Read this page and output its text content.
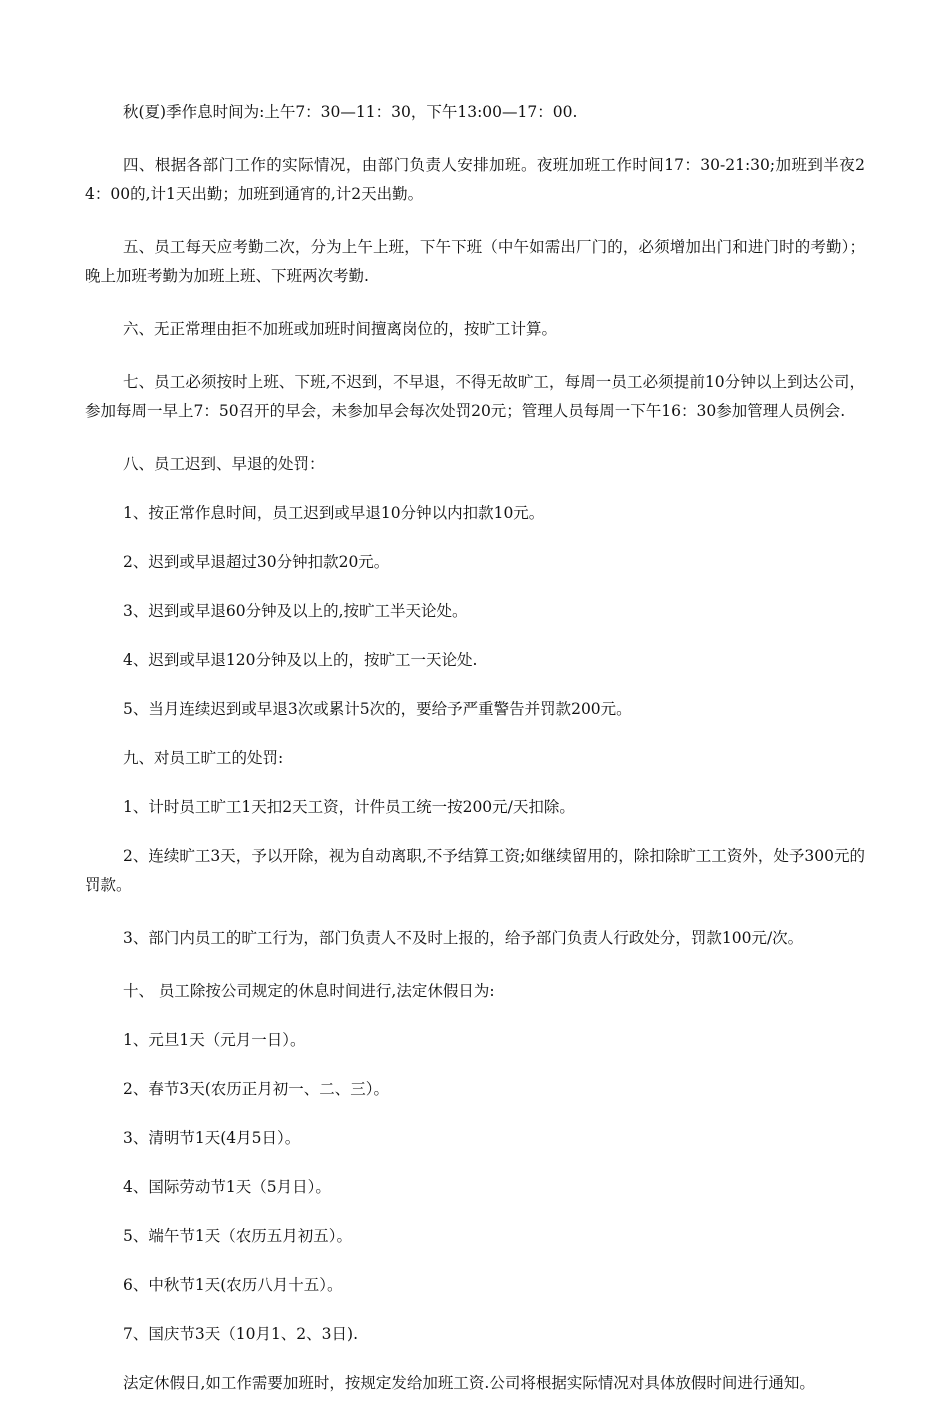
秋(夏)季作息时间为:上午7：30—11：30，下午13:00—17：00.

四、根据各部门工作的实际情况，由部门负责人安排加班。夜班加班工作时间17：30-21:30;加班到半夜24：00的,计1天出勤；加班到通宵的,计2天出勤。

五、员工每天应考勤二次，分为上午上班，下午下班（中午如需出厂门的，必须增加出门和进门时的考勤）；晚上加班考勤为加班上班、下班两次考勤.

六、无正常理由拒不加班或加班时间擅离岗位的，按旷工计算。

七、员工必须按时上班、下班,不迟到，不早退，不得无故旷工，每周一员工必须提前10分钟以上到达公司，参加每周一早上7：50召开的早会，未参加早会每次处罚20元；管理人员每周一下午16：30参加管理人员例会.

八、员工迟到、早退的处罚：

1、按正常作息时间，员工迟到或早退10分钟以内扣款10元。

2、迟到或早退超过30分钟扣款20元。

3、迟到或早退60分钟及以上的,按旷工半天论处。

4、迟到或早退120分钟及以上的，按旷工一天论处.

5、当月连续迟到或早退3次或累计5次的，要给予严重警告并罚款200元。

九、对员工旷工的处罚:

1、计时员工旷工1天扣2天工资，计件员工统一按200元/天扣除。

2、连续旷工3天，予以开除，视为自动离职,不予结算工资;如继续留用的，除扣除旷工工资外，处予300元的罚款。

3、部门内员工的旷工行为，部门负责人不及时上报的，给予部门负责人行政处分，罚款100元/次。

十、 员工除按公司规定的休息时间进行,法定休假日为:

1、元旦1天（元月一日）。

2、春节3天(农历正月初一、二、三）。

3、清明节1天(4月5日）。

4、国际劳动节1天（5月日）。

5、端午节1天（农历五月初五）。

6、中秋节1天(农历八月十五）。

7、国庆节3天（10月1、2、3日).

法定休假日,如工作需要加班时，按规定发给加班工资.公司将根据实际情况对具体放假时间进行通知。
